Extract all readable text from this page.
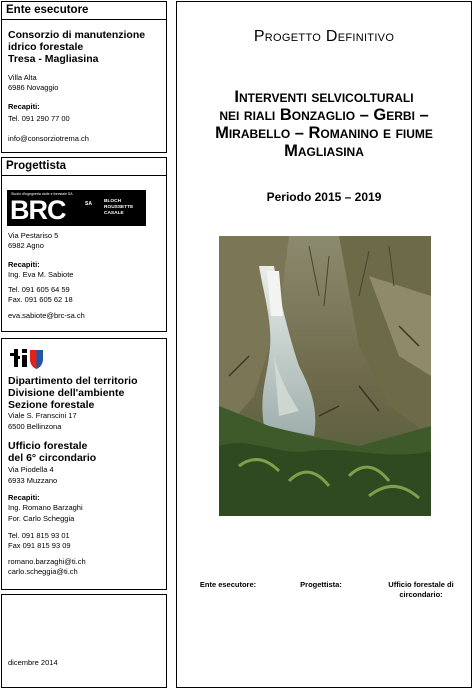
Ente esecutore
Consorzio di manutenzione
idrico forestale
Tresa - Magliasina
Villa Alta
6986 Novaggio
Recapiti:
Tel. 091 290 77 00
info@consorziotrema.ch
Progettista
Studio d'ingegneria civile e forestale SA
BRC	SA	BLOCH
ROUSSETTE
CASALE
Via Pestariso 5
6982 Agno
Recapiti:
Ing. Eva M. Sabiote
Tel. 091 605 64 59
Fax. 091 605 62 18
eva.sabiote@brc-sa.ch
Dipartimento del territorio
Divisione dell'ambiente
Sezione forestale
Viale S. Franscini 17
6500 Bellinzona
Ufficio forestale
del 6° circondario
Via Piodella 4
6933 Muzzano
Recapiti:
Ing. Romano Barzaghi
For. Carlo Scheggia
Tel. 091 815 93 01
Fax 091 815 93 09
romano.barzaghi@ti.ch
carlo.scheggia@ti.ch
dicembre 2014
Progetto Definitivo
Interventi selvicolturali
nei riali Bonzaglio – Gerbi –
Mirabello – Romanino e fiume
Magliasina
Periodo 2015 – 2019
Ente esecutore:	Progettista:	Ufficio forestale di
circondario:
